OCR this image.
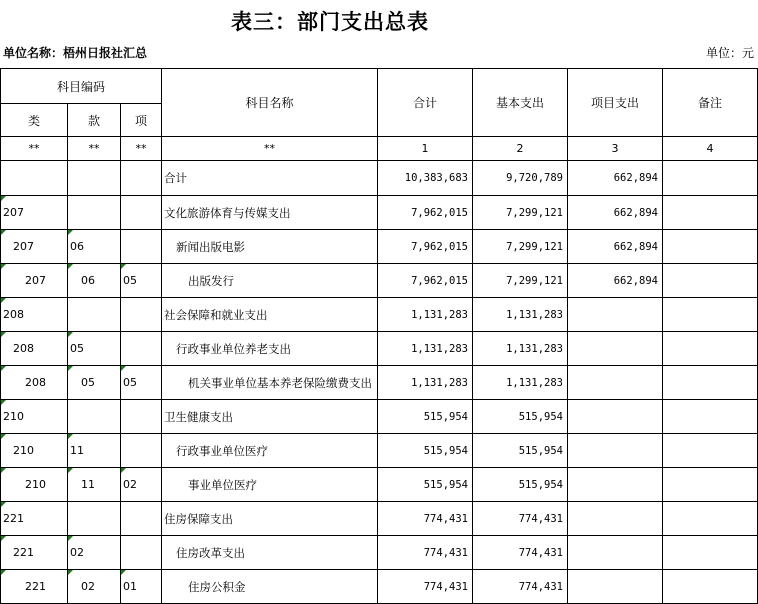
表三：部门支出总表
单位名称：梧州日报社汇总	单位：元
科目编码			科目名称	合计	基本支出	项目支出	备注
类	款	项					
**	**	**	**	1	2	3	4
			合计	10,383,683	9,720,789	662,894	
207			文化旅游体育与传媒支出	7,962,015	7,299,121	662,894	
207	06		新闻出版电影	7,962,015	7,299,121	662,894	
207	06	05	出版发行	7,962,015	7,299,121	662,894	
208			社会保障和就业支出	1,131,283	1,131,283		
208	05		行政事业单位养老支出	1,131,283	1,131,283		
208	05	05	机关事业单位基本养老保险缴费支出	1,131,283	1,131,283		
210			卫生健康支出	515,954	515,954		
210	11		行政事业单位医疗	515,954	515,954		
210	11	02	事业单位医疗	515,954	515,954		
221			住房保障支出	774,431	774,431		
221	02		住房改革支出	774,431	774,431		
221	02	01	住房公积金	774,431	774,431		
